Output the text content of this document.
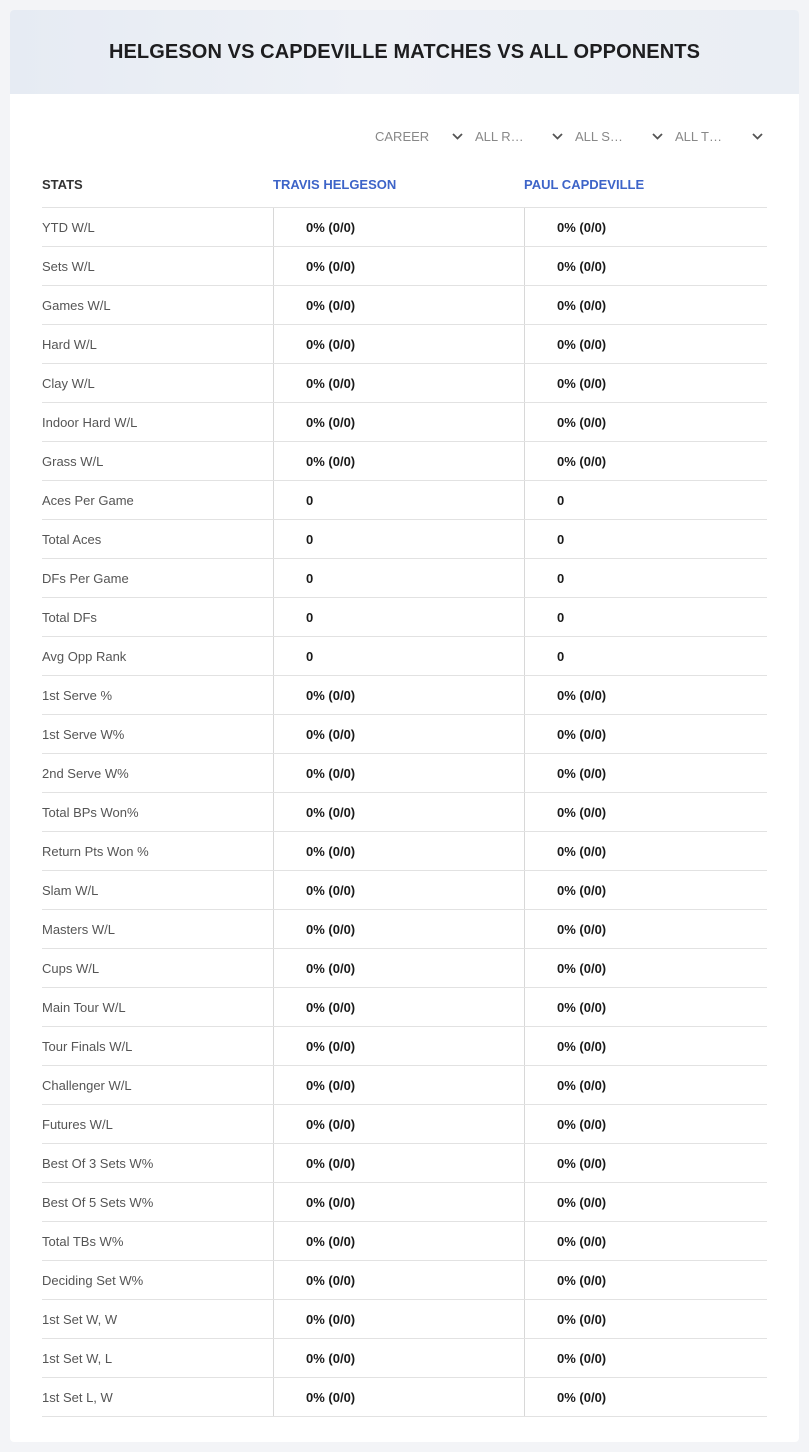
HELGESON VS CAPDEVILLE MATCHES VS ALL OPPONENTS
CAREER	ALL R…	ALL S…	ALL T…
STATS	TRAVIS HELGESON	PAUL CAPDEVILLE
YTD W/L	0% (0/0)	0% (0/0)
Sets W/L	0% (0/0)	0% (0/0)
Games W/L	0% (0/0)	0% (0/0)
Hard W/L	0% (0/0)	0% (0/0)
Clay W/L	0% (0/0)	0% (0/0)
Indoor Hard W/L	0% (0/0)	0% (0/0)
Grass W/L	0% (0/0)	0% (0/0)
Aces Per Game	0	0
Total Aces	0	0
DFs Per Game	0	0
Total DFs	0	0
Avg Opp Rank	0	0
1st Serve %	0% (0/0)	0% (0/0)
1st Serve W%	0% (0/0)	0% (0/0)
2nd Serve W%	0% (0/0)	0% (0/0)
Total BPs Won%	0% (0/0)	0% (0/0)
Return Pts Won %	0% (0/0)	0% (0/0)
Slam W/L	0% (0/0)	0% (0/0)
Masters W/L	0% (0/0)	0% (0/0)
Cups W/L	0% (0/0)	0% (0/0)
Main Tour W/L	0% (0/0)	0% (0/0)
Tour Finals W/L	0% (0/0)	0% (0/0)
Challenger W/L	0% (0/0)	0% (0/0)
Futures W/L	0% (0/0)	0% (0/0)
Best Of 3 Sets W%	0% (0/0)	0% (0/0)
Best Of 5 Sets W%	0% (0/0)	0% (0/0)
Total TBs W%	0% (0/0)	0% (0/0)
Deciding Set W%	0% (0/0)	0% (0/0)
1st Set W, W	0% (0/0)	0% (0/0)
1st Set W, L	0% (0/0)	0% (0/0)
1st Set L, W	0% (0/0)	0% (0/0)
